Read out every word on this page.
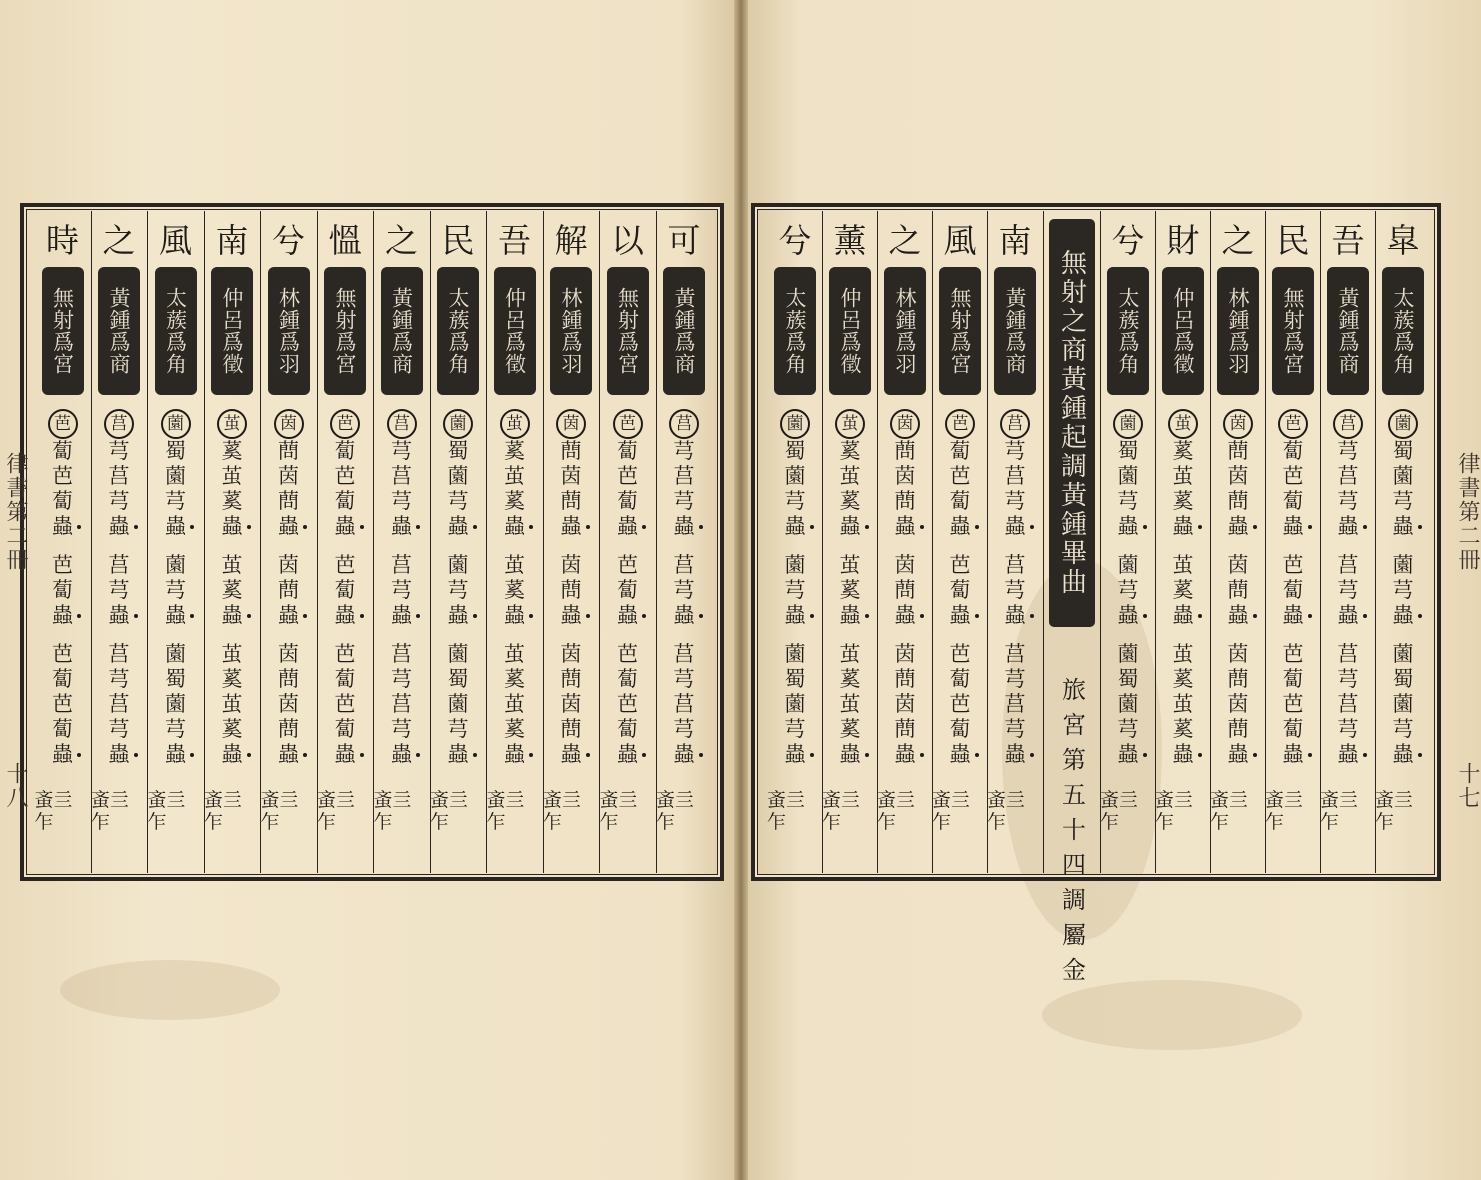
可
黃鍾爲商
莒
芎
莒
芎
蟲
莒
芎
蟲
莒
芎
莒
芎
蟲
蚉亖乍
以
無射爲宮
芭
蔔
芭
蔔
蟲
芭
蔔
蟲
芭
蔔
芭
蔔
蟲
蚉亖乍
解
林鍾爲羽
茵
蔄
茵
蔄
蟲
茵
蔄
蟲
茵
蔄
茵
蔄
蟲
蚉亖乍
吾
仲呂爲徵
茧
蒵
茧
蒵
蟲
茧
蒵
蟲
茧
蒵
茧
蒵
蟲
蚉亖乍
民
太蔟爲角
薗
蜀
薗
芎
蟲
薗
芎
蟲
薗
蜀
薗
芎
蟲
蚉亖乍
之
黃鍾爲商
莒
芎
莒
芎
蟲
莒
芎
蟲
莒
芎
莒
芎
蟲
蚉亖乍
慍
無射爲宮
芭
蔔
芭
蔔
蟲
芭
蔔
蟲
芭
蔔
芭
蔔
蟲
蚉亖乍
兮
林鍾爲羽
茵
蔄
茵
蔄
蟲
茵
蔄
蟲
茵
蔄
茵
蔄
蟲
蚉亖乍
南
仲呂爲徵
茧
蒵
茧
蒵
蟲
茧
蒵
蟲
茧
蒵
茧
蒵
蟲
蚉亖乍
風
太蔟爲角
薗
蜀
薗
芎
蟲
薗
芎
蟲
薗
蜀
薗
芎
蟲
蚉亖乍
之
黃鍾爲商
莒
芎
莒
芎
蟲
莒
芎
蟲
莒
芎
莒
芎
蟲
蚉亖乍
時
無射爲宮
芭
蔔
芭
蔔
蟲
芭
蔔
蟲
芭
蔔
芭
蔔
蟲
蚉亖乍
律書第二冊
十八
皐
太蔟爲角
薗
蜀
薗
芎
蟲
薗
芎
蟲
薗
蜀
薗
芎
蟲
蚉亖乍
吾
黃鍾爲商
莒
芎
莒
芎
蟲
莒
芎
蟲
莒
芎
莒
芎
蟲
蚉亖乍
民
無射爲宮
芭
蔔
芭
蔔
蟲
芭
蔔
蟲
芭
蔔
芭
蔔
蟲
蚉亖乍
之
林鍾爲羽
茵
蔄
茵
蔄
蟲
茵
蔄
蟲
茵
蔄
茵
蔄
蟲
蚉亖乍
財
仲呂爲徵
茧
蒵
茧
蒵
蟲
茧
蒵
蟲
茧
蒵
茧
蒵
蟲
蚉亖乍
兮
太蔟爲角
薗
蜀
薗
芎
蟲
薗
芎
蟲
薗
蜀
薗
芎
蟲
蚉亖乍
南
黃鍾爲商
莒
芎
莒
芎
蟲
莒
芎
蟲
莒
芎
莒
芎
蟲
蚉亖乍
風
無射爲宮
芭
蔔
芭
蔔
蟲
芭
蔔
蟲
芭
蔔
芭
蔔
蟲
蚉亖乍
之
林鍾爲羽
茵
蔄
茵
蔄
蟲
茵
蔄
蟲
茵
蔄
茵
蔄
蟲
蚉亖乍
薰
仲呂爲徵
茧
蒵
茧
蒵
蟲
茧
蒵
蟲
茧
蒵
茧
蒵
蟲
蚉亖乍
兮
太蔟爲角
薗
蜀
薗
芎
蟲
薗
芎
蟲
薗
蜀
薗
芎
蟲
蚉亖乍
無射之商黃鍾起調黃鍾畢曲
旅宮第五十四調屬金
律書第二冊
十七
